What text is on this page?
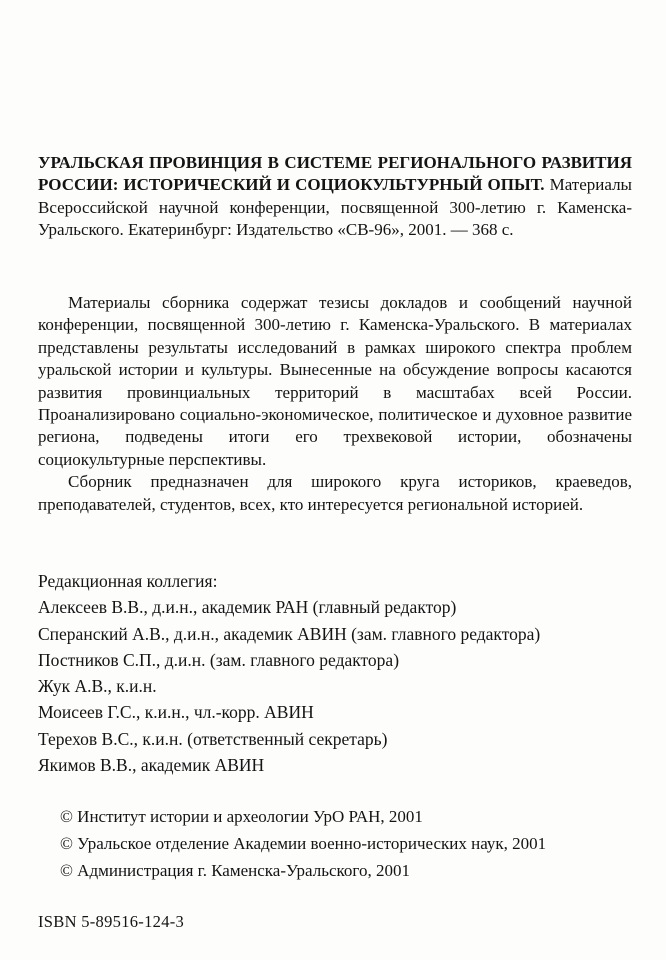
УРАЛЬСКАЯ ПРОВИНЦИЯ В СИСТЕМЕ РЕГИОНАЛЬНОГО РАЗВИТИЯ РОССИИ: ИСТОРИЧЕСКИЙ И СОЦИОКУЛЬТУРНЫЙ ОПЫТ. Материалы Всероссийской научной конференции, посвященной 300-летию г. Каменска-Уральского. Екатеринбург: Издательство «СВ-96», 2001. — 368 с.

Материалы сборника содержат тезисы докладов и сообщений научной конференции, посвященной 300-летию г. Каменска-Уральского. В материалах представлены результаты исследований в рамках широкого спектра проблем уральской истории и культуры. Вынесенные на обсуждение вопросы касаются развития провинциальных территорий в масштабах всей России. Проанализировано социально-экономическое, политическое и духовное развитие региона, подведены итоги его трехвековой истории, обозначены социокультурные перспективы.

Сборник предназначен для широкого круга историков, краеведов, преподавателей, студентов, всех, кто интересуется региональной историей.

Редакционная коллегия:
Алексеев В.В., д.и.н., академик РАН (главный редактор)
Сперанский А.В., д.и.н., академик АВИН (зам. главного редактора)
Постников С.П., д.и.н. (зам. главного редактора)
Жук А.В., к.и.н.
Моисеев Г.С., к.и.н., чл.-корр. АВИН
Терехов В.С., к.и.н. (ответственный секретарь)
Якимов В.В., академик АВИН
© Институт истории и археологии УрО РАН, 2001
© Уральское отделение Академии военно-исторических наук, 2001
© Администрация г. Каменска-Уральского, 2001
ISBN 5-89516-124-3
